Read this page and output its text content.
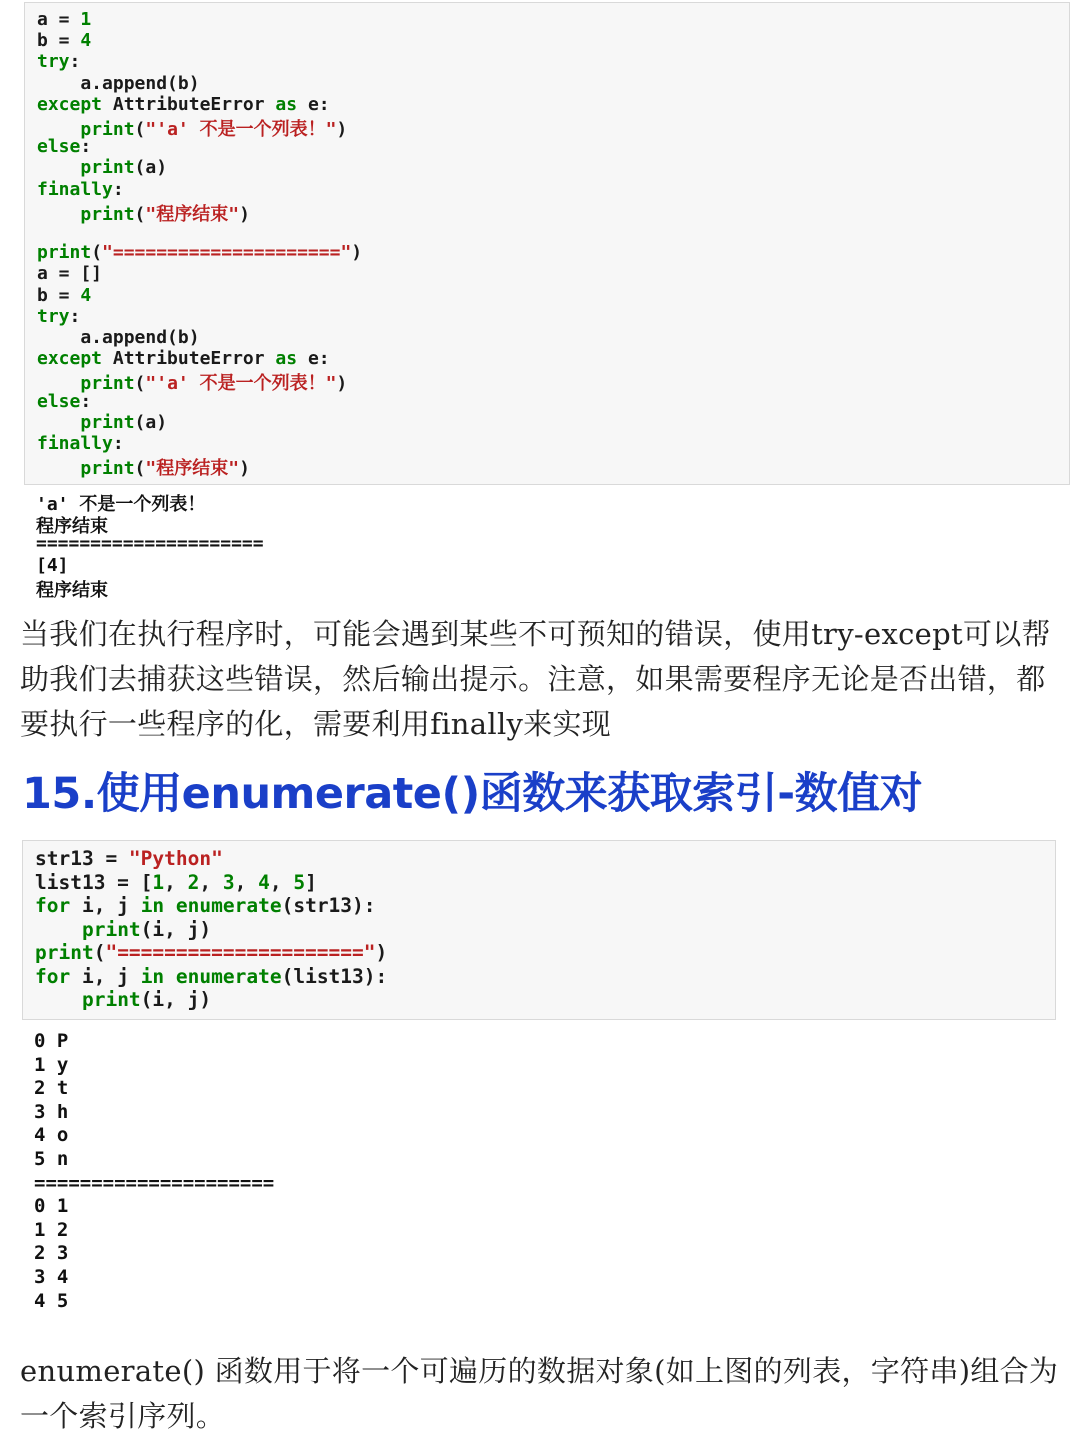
a = 1
b = 4
try:
a.append(b)
except AttributeError as e:
print("'a' 不是一个列表！")
else:
print(a)
finally:
print("程序结束")
print("=====================")
a = []
b = 4
try:
a.append(b)
except AttributeError as e:
print("'a' 不是一个列表！")
else:
print(a)
finally:
print("程序结束")
'a' 不是一个列表！
程序结束
=====================
[4]
程序结束
当我们在执行程序时，可能会遇到某些不可预知的错误，使用try-except可以帮助我们去捕获这些错误，然后输出提示。注意，如果需要程序无论是否出错，都要执行一些程序的化，需要利用finally来实现
15.使用enumerate()函数来获取索引-数值对
str13 = "Python"
list13 = [1, 2, 3, 4, 5]
for i, j in enumerate(str13):
print(i, j)
print("=====================")
for i, j in enumerate(list13):
print(i, j)
0 P
1 y
2 t
3 h
4 o
5 n
=====================
0 1
1 2
2 3
3 4
4 5
enumerate() 函数用于将一个可遍历的数据对象(如上图的列表，字符串)组合为一个索引序列。
